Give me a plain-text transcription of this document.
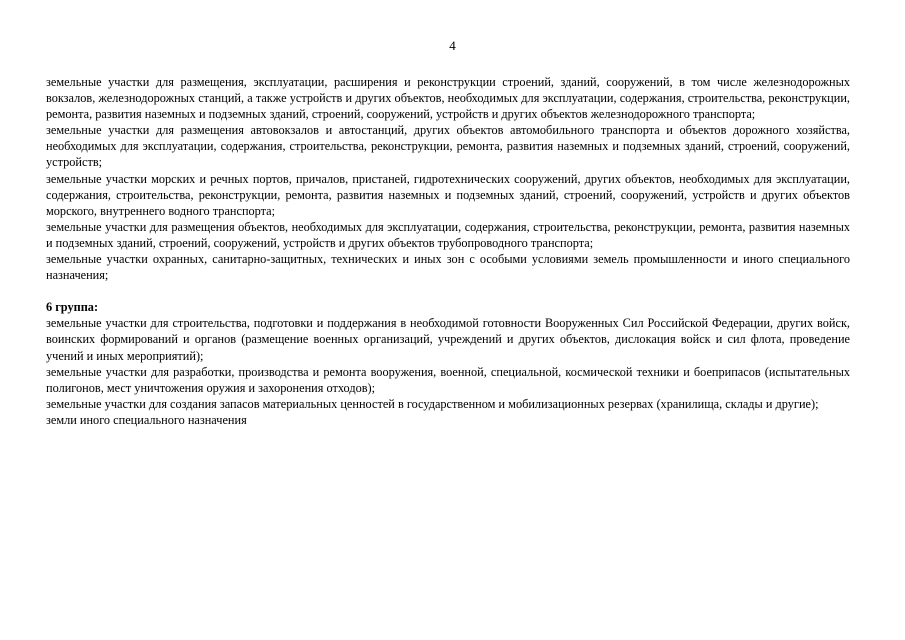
4

земельные участки для размещения, эксплуатации, расширения и реконструкции строений, зданий, сооружений, в том числе железнодорожных вокзалов, железнодорожных станций, а также устройств и других объектов, необходимых для эксплуатации, содержания, строительства, реконструкции, ремонта, развития наземных и подземных зданий, строений, сооружений, устройств и других объектов железнодорожного транспорта;

земельные участки для размещения автовокзалов и автостанций, других объектов автомобильного транспорта и объектов дорожного хозяйства, необходимых для эксплуатации, содержания, строительства, реконструкции, ремонта, развития наземных и подземных зданий, строений, сооружений, устройств;

земельные участки морских и речных портов, причалов, пристаней, гидротехнических сооружений, других объектов, необходимых для эксплуатации, содержания, строительства, реконструкции, ремонта, развития наземных и подземных зданий, строений, сооружений, устройств и других объектов морского, внутреннего водного транспорта;

земельные участки для размещения объектов, необходимых для эксплуатации, содержания, строительства, реконструкции, ремонта, развития наземных и подземных зданий, строений, сооружений, устройств и других объектов трубопроводного транспорта;

земельные участки охранных, санитарно-защитных, технических и иных зон с особыми условиями земель промышленности и иного специального назначения;

6 группа:

земельные участки для строительства, подготовки и поддержания в необходимой готовности Вооруженных Сил Российской Федерации, других войск, воинских формирований и органов (размещение военных организаций, учреждений и других объектов, дислокация войск и сил флота, проведение учений и иных мероприятий);

земельные участки для разработки, производства и ремонта вооружения, военной, специальной, космической техники и боеприпасов (испытательных полигонов, мест уничтожения оружия и захоронения отходов);

земельные участки для создания запасов материальных ценностей в государственном и мобилизационных резервах (хранилища, склады и другие);

земли иного специального назначения
